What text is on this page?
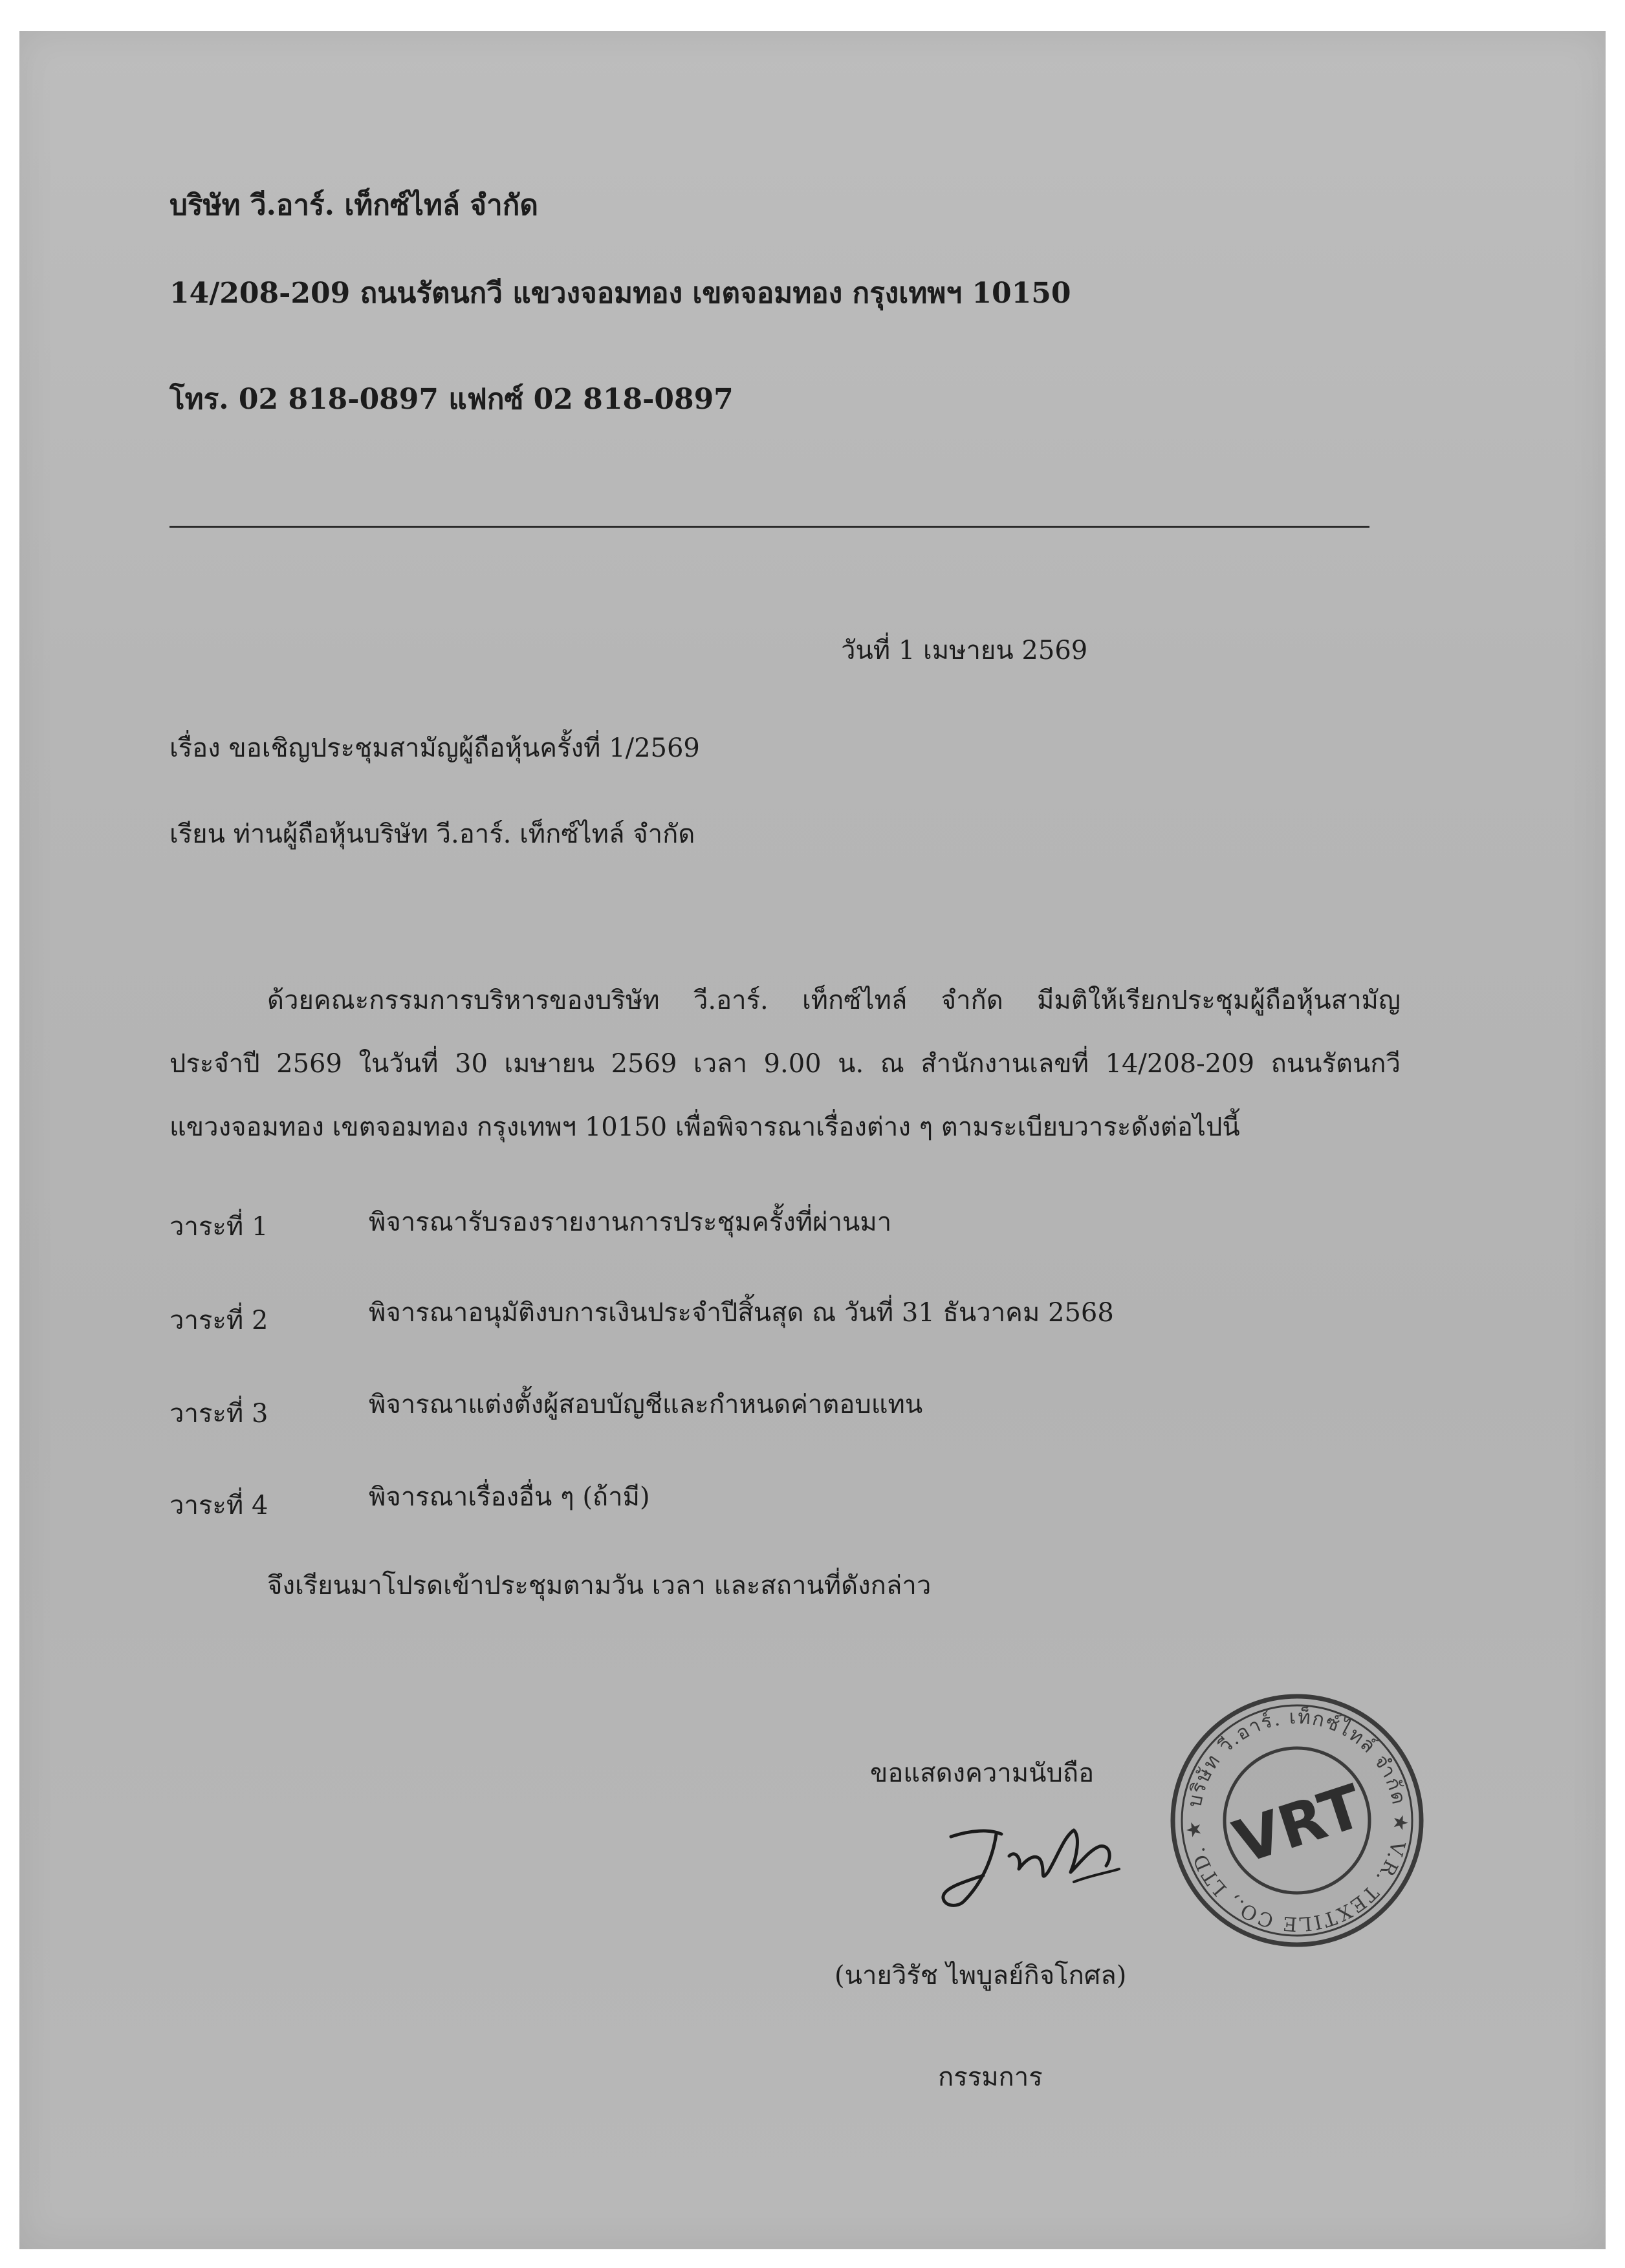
บริษัท วี.อาร์. เท็กซ์ไทล์ จำกัด
14/208-209 ถนนรัตนกวี แขวงจอมทอง เขตจอมทอง กรุงเทพฯ 10150
โทร. 02 818-0897 แฟกซ์ 02 818-0897
วันที่ 1 เมษายน 2569
เรื่อง ขอเชิญประชุมสามัญผู้ถือหุ้นครั้งที่ 1/2569
เรียน ท่านผู้ถือหุ้นบริษัท วี.อาร์. เท็กซ์ไทล์ จำกัด
ด้วยคณะกรรมการบริหารของบริษัท วี.อาร์. เท็กซ์ไทล์ จำกัด มีมติให้เรียกประชุมผู้ถือหุ้นสามัญ
ประจำปี 2569 ในวันที่ 30 เมษายน 2569 เวลา 9.00 น. ณ สำนักงานเลขที่ 14/208-209 ถนนรัตนกวี
แขวงจอมทอง เขตจอมทอง กรุงเทพฯ 10150 เพื่อพิจารณาเรื่องต่าง ๆ ตามระเบียบวาระดังต่อไปนี้
วาระที่ 1	พิจารณารับรองรายงานการประชุมครั้งที่ผ่านมา
วาระที่ 2	พิจารณาอนุมัติงบการเงินประจำปีสิ้นสุด ณ วันที่ 31 ธันวาคม 2568
วาระที่ 3	พิจารณาแต่งตั้งผู้สอบบัญชีและกำหนดค่าตอบแทน
วาระที่ 4	พิจารณาเรื่องอื่น ๆ (ถ้ามี)
จึงเรียนมาโปรดเข้าประชุมตามวัน เวลา และสถานที่ดังกล่าว
ขอแสดงความนับถือ
(นายวิรัช ไพบูลย์กิจโกศล)
กรรมการ
บริษัท วี.อาร์. เท็กซ์ไทล์ จำกัด ★ V.R. TEXTILE CO., LTD. ★ VRT
